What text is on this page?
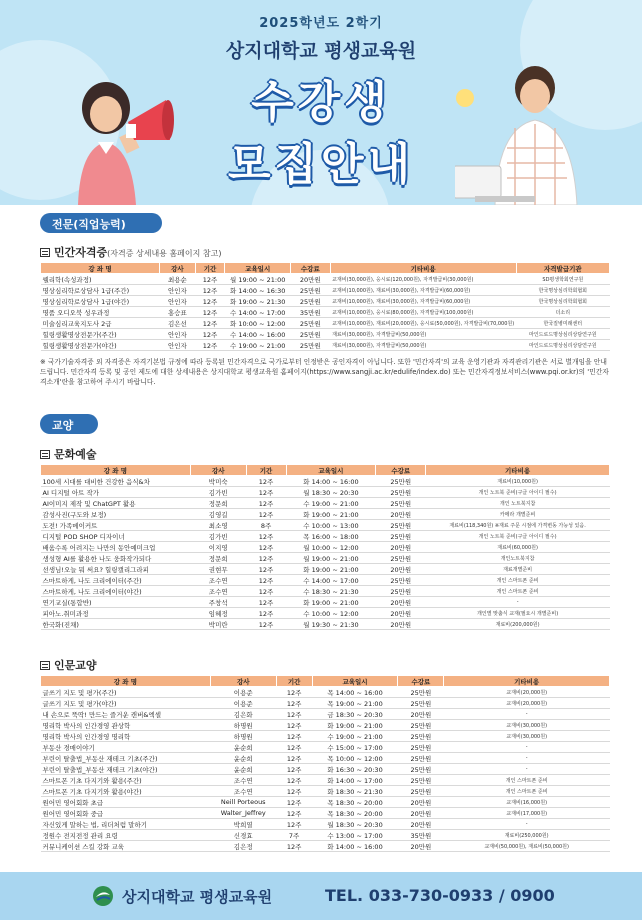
2025학년도 2학기
상지대학교 평생교육원
수강생
모집안내
전문(직업능력)
민간자격증(자격증 상세내용 홈페이지 참고)
강 좌 명	강사	기간	교육일시	수강료	기타비용	자격발급기관
웰리학(속성과정)	최용순	12주	월 19:00 ~ 21:00	20만원	교재비(30,000원), 응시료(120,000원), 자격발급비(30,000원)	SD평생학회연구원
명상심리학로상담사 1급(주간)	안인자	12주	화 14:00 ~ 16:30	25만원	교재비(10,000원), 재료비(30,000원), 자격발급비(60,000원)	한국명상심리학회협회
명상심리학로상담사 1급(야간)	안인자	12주	화 19:00 ~ 21:30	25만원	교재비(10,000원), 재료비(30,000원), 자격발급비(60,000원)	한국명상심리학회협회
명품 오디오북 성우과정	홍승표	12주	수 14:00 ~ 17:00	35만원	교재비(10,000원), 응시료(80,000원), 자격발급비(100,000원)	더소리
미술심리교육지도사 2급	김은선	12주	화 10:00 ~ 12:00	25만원	교재비(10,000원), 재료비(20,000원), 응시료(50,000원), 자격발급비(70,000원)	한국질병미래센터
힐링생활명상전문가(주간)	안인자	12주	수 14:00 ~ 16:00	25만원	재료비(30,000원), 자격발급비(50,000원)	마인드로드명상심리상담연구원
힐링생활명상전문가(야간)	안인자	12주	수 19:00 ~ 21:00	25만원	재료비(30,000원), 자격발급비(50,000원)	마인드로드명상심리상담연구원
※ 국가기술자격증 외 자격증은 자격기본법 규정에 따라 등록된 민간자격으로 국가로부터 인정받은 공인자격이 아닙니다. 또한 '민간자격'의 교육 운영기관과 자격관리기관은 서로 별개임을 안내드립니다. 민간자격 등록 및 공인 제도에 대한 상세내용은 상지대학교 평생교육원 홈페이지(https://www.sangji.ac.kr/edulife/index.do) 또는 민간자격정보서비스(www.pqi.or.kr)의 '민간자격소개'란을 참고하여 주시기 바랍니다.
교양
문화예술
강 좌 명	강사	기간	교육일시	수강료	기타비용
100세 시대를 대비한 건강한 음식&차	박미숙	12주	화 14:00 ~ 16:00	25만원	재료비(10,000원)
AI 디지털 아트 작가	김가빈	12주	월 18:30 ~ 20:30	25만원	개인 노트북 준비(구글 아이디 필수)
AI이미지 제작 및 ChatGPT 활용	정문희	12주	수 19:00 ~ 21:00	25만원	개인 노트북지참
감성사진(구도와 보정)	김영길	12주	화 19:00 ~ 21:00	20만원	카메라 개별준비
도전! 가족메이커트	최소영	8주	수 10:00 ~ 13:00	25만원	재료비(118,340원) ※재료 주문 시점에 가격변동 가능성 있음.
디지털 POD SHOP 디자이너	김가빈	12주	목 16:00 ~ 18:00	25만원	개인 노트북 준비(구글 아이디 필수)
배움수록 어려지는 나만의 동안예미크업	이지영	12주	월 10:00 ~ 12:00	20만원	재료비(60,000원)
생성형 AI를 활용한 나도 웅화작가되다	정문희	12주	월 19:00 ~ 21:00	25만원	개인노트북지참
선생님!오늘 뭐 써요? 힐링캘리그라피	권현무	12주	화 19:00 ~ 21:00	20만원	재료개별준비
스마트하게, 나도 크리에이터(주간)	조수연	12주	수 14:00 ~ 17:00	25만원	개인 스마트폰 준비
스마트하게, 나도 크리에이터(야간)	조수연	12주	수 18:30 ~ 21:30	25만원	개인 스마트폰 준비
연기교실(통합반)	주창석	12주	화 19:00 ~ 21:00	20만원	-
피아노.취미과정	임혜정	12주	수 10:00 ~ 12:00	20만원	개인별 맞춤식 교재(필요시 개별준비)
한국화(진채)	박미란	12주	월 19:30 ~ 21:30	20만원	재료비(200,000원)
인문교양
강 좌 명	강사	기간	교육일시	수강료	기타비용
글쓰기 지도 및 평가(주간)	이용준	12주	목 14:00 ~ 16:00	25만원	교재비(20,000원)
글쓰기 지도 및 평가(야간)	이용준	12주	목 19:00 ~ 21:00	25만원	교재비(20,000원)
내 손으로 뚝딱! 만드는 즐거운 캔버&엑셀	김은화	12주	금 18:30 ~ 20:30	20만원	-
명리학 박사의 인간경영 관상학	하명원	12주	화 19:00 ~ 21:00	25만원	교재비(30,000원)
명리학 박사의 인간경영 명리학	하명원	12주	수 19:00 ~ 21:00	25만원	교재비(30,000원)
부동산 경매이야기	윤순희	12주	수 15:00 ~ 17:00	25만원	-
부린이 탈출법_부동산 재테크 기초(주간)	윤순희	12주	목 10:00 ~ 12:00	25만원	-
부린이 탈출법_부동산 재테크 기초(야간)	윤순희	12주	화 16:30 ~ 20:30	25만원	-
스마트폰 기초 다지기와 활용(주간)	조수연	12주	화 14:00 ~ 17:00	25만원	개인 스마트폰 준비
스마트폰 기초 다지기와 활용(야간)	조수연	12주	화 18:30 ~ 21:30	25만원	개인 스마트폰 준비
원어민 영어회화 초급	Neill Porteous	12주	목 18:30 ~ 20:00	20만원	교재비(16,000원)
원어민 영어회화 중급	Walter_Jeffrey	12주	목 18:30 ~ 20:00	20만원	교재비(17,000원)
자신있게 말하는 법, 리더처럼 말하기	박희열	12주	월 18:30 ~ 20:30	20만원	-
정원수 전지전정 관리 요령	신경효	7주	수 13:00 ~ 17:00	35만원	재료비(250,000원)
커뮤니케이션 스킬 강화 교육	김은정	12주	화 14:00 ~ 16:00	20만원	교재비(50,000원), 재료비(50,000원)
상지대학교 평생교육원	TEL. 033-730-0933 / 0900
